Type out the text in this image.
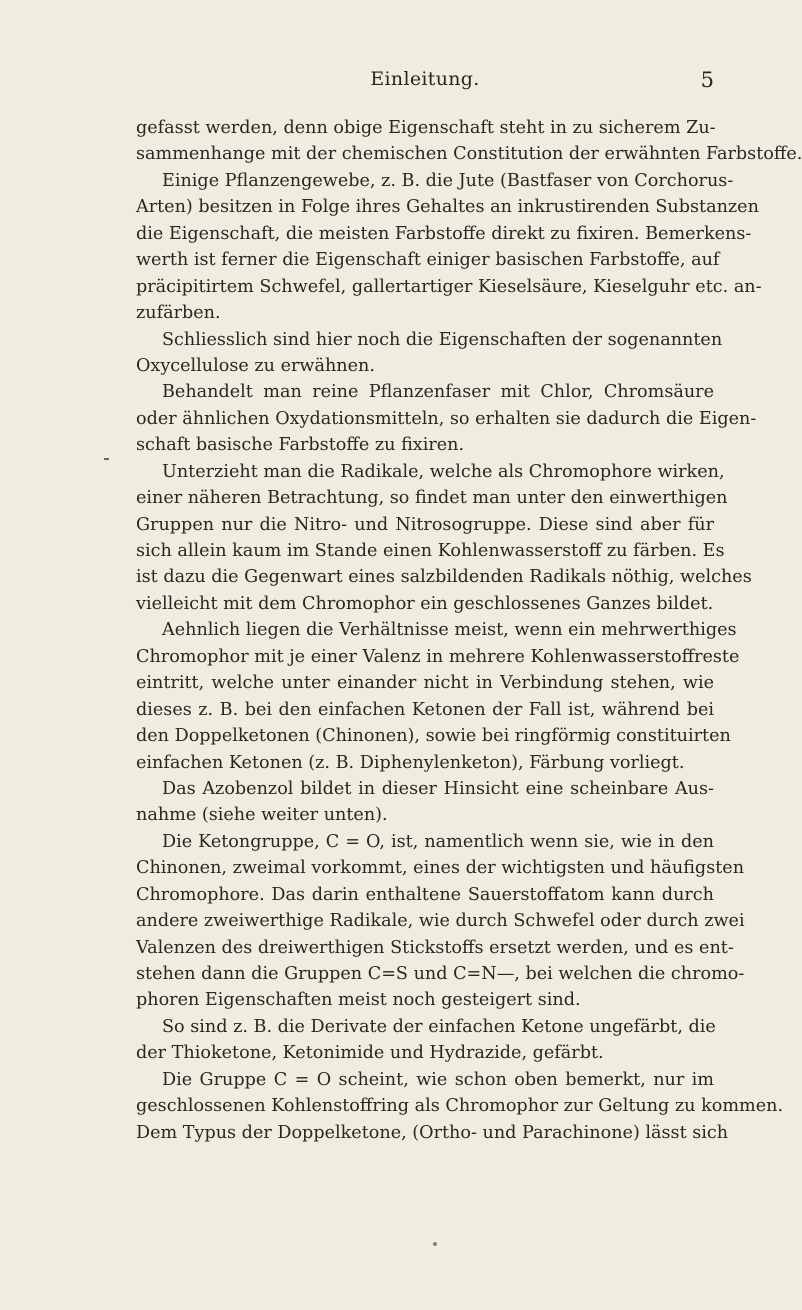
Einleitung.	5
gefasst werden, denn obige Eigenschaft steht in zu sicherem Zu-
sammenhange mit der chemischen Constitution der erwähnten Farbstoffe.
Einige Pflanzengewebe, z. B. die Jute (Bastfaser von Corchorus-
Arten) besitzen in Folge ihres Gehaltes an inkrustirenden Substanzen
die Eigenschaft, die meisten Farbstoffe direkt zu fixiren. Bemerkens-
werth ist ferner die Eigenschaft einiger basischen Farbstoffe, auf
präcipitirtem Schwefel, gallertartiger Kieselsäure, Kieselguhr etc. an-
zufärben.
Schliesslich sind hier noch die Eigenschaften der sogenannten
Oxycellulose zu erwähnen.
Behandelt man reine Pflanzenfaser mit Chlor, Chromsäure
oder ähnlichen Oxydationsmitteln, so erhalten sie dadurch die Eigen-
schaft basische Farbstoffe zu fixiren.
Unterzieht man die Radikale, welche als Chromophore wirken,
einer näheren Betrachtung, so findet man unter den einwerthigen
Gruppen nur die Nitro- und Nitrosogruppe. Diese sind aber für
sich allein kaum im Stande einen Kohlenwasserstoff zu färben. Es
ist dazu die Gegenwart eines salzbildenden Radikals nöthig, welches
vielleicht mit dem Chromophor ein geschlossenes Ganzes bildet.
Aehnlich liegen die Verhältnisse meist, wenn ein mehrwerthiges
Chromophor mit je einer Valenz in mehrere Kohlenwasserstoffreste
eintritt, welche unter einander nicht in Verbindung stehen, wie
dieses z. B. bei den einfachen Ketonen der Fall ist, während bei
den Doppelketonen (Chinonen), sowie bei ringförmig constituirten
einfachen Ketonen (z. B. Diphenylenketon), Färbung vorliegt.
Das Azobenzol bildet in dieser Hinsicht eine scheinbare Aus-
nahme (siehe weiter unten).
Die Ketongruppe, C = O, ist, namentlich wenn sie, wie in den
Chinonen, zweimal vorkommt, eines der wichtigsten und häufigsten
Chromophore. Das darin enthaltene Sauerstoffatom kann durch
andere zweiwerthige Radikale, wie durch Schwefel oder durch zwei
Valenzen des dreiwerthigen Stickstoffs ersetzt werden, und es ent-
stehen dann die Gruppen C=S und C=N—, bei welchen die chromo-
phoren Eigenschaften meist noch gesteigert sind.
So sind z. B. die Derivate der einfachen Ketone ungefärbt, die
der Thioketone, Ketonimide und Hydrazide, gefärbt.
Die Gruppe C = O scheint, wie schon oben bemerkt, nur im
geschlossenen Kohlenstoffring als Chromophor zur Geltung zu kommen.
Dem Typus der Doppelketone, (Ortho- und Parachinone) lässt sich
